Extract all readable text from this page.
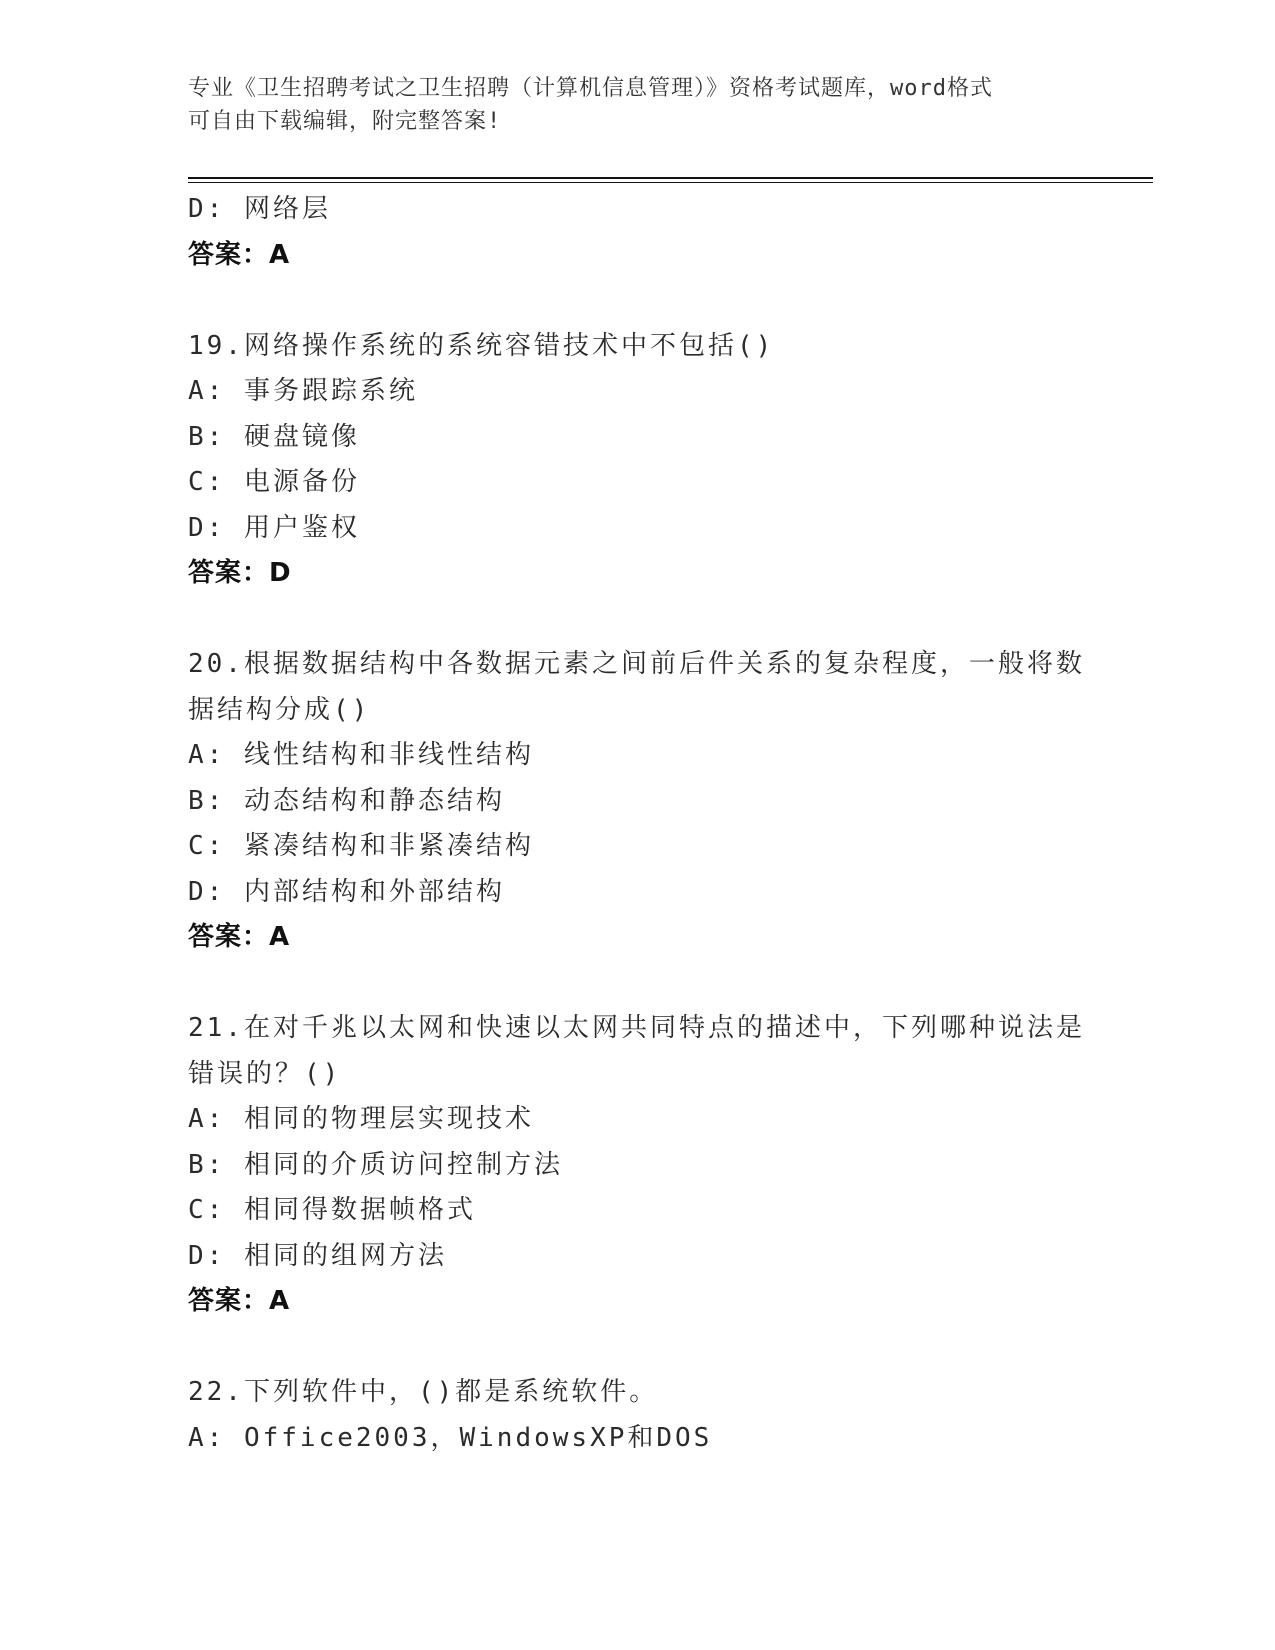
专业《卫生招聘考试之卫生招聘（计算机信息管理）》资格考试题库，word格式
可自由下载编辑，附完整答案!
D: 网络层
答案：A
19.网络操作系统的系统容错技术中不包括()
A: 事务跟踪系统
B: 硬盘镜像
C: 电源备份
D: 用户鉴权
答案：D
20.根据数据结构中各数据元素之间前后件关系的复杂程度，一般将数
据结构分成()
A: 线性结构和非线性结构
B: 动态结构和静态结构
C: 紧凑结构和非紧凑结构
D: 内部结构和外部结构
答案：A
21.在对千兆以太网和快速以太网共同特点的描述中，下列哪种说法是
错误的？()
A: 相同的物理层实现技术
B: 相同的介质访问控制方法
C: 相同得数据帧格式
D: 相同的组网方法
答案：A
22.下列软件中，()都是系统软件。
A: Office2003，WindowsXP和DOS
